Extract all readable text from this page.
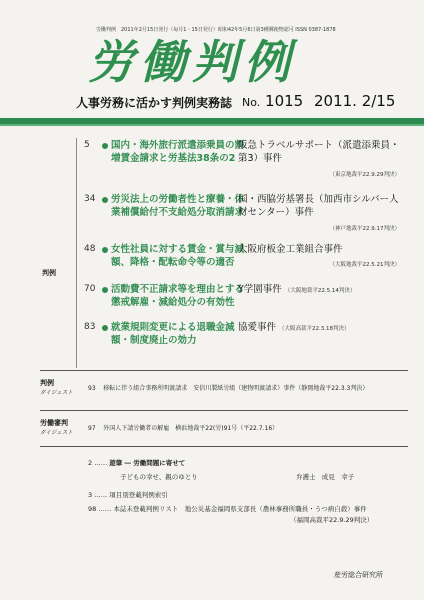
労働判例　2011年2月15日発行（毎月1・15日発行）昭和42年5月6日第3種郵便物認可 ISSN 0387-1878
労働判例
人事労務に活かす判例実務誌 No. 1015 2011. 2/15
判例
5	国内・海外旅行派遣添乗員の割増賃金請求と労基法38条の2
阪急トラベルサポート（派遣添乗員・第3）事件
（東京地裁平22.9.29判決）
34	労災法上の労働者性と療養・休業補償給付不支給処分取消請求
国・西脇労基署長（加西市シルバー人材センター）事件
（神戸地裁平22.9.17判決）
48	女性社員に対する賃金・賞与減額、降格・配転命令等の適否
大阪府板金工業組合事件
（大阪地裁平22.5.21判決）
70	活動費不正請求等を理由とする懲戒解雇・減給処分の有効性
Y学園事件 （大阪地裁平22.5.14判決）
83	就業規則変更による退職金減額・制度廃止の効力
協愛事件 （大阪高裁平22.3.18判決）
判例
ダイジェスト
93 移転に伴う組合事務所明渡請求　安信川製紙労組（建物明渡請求）事件（静岡地裁平22.3.3判決）
労働審判
ダイジェスト
97 外国人下請労働者の解雇　横浜地裁平22(労)91号（平22.7.16）
2 …… 遊筆 ― 労働問題に寄せて
子どもの幸せ、親のゆとり	弁護士 成見　幸子
3 …… 項目別登載判例索引
98 …… 本誌未登載判例リスト　地公災基金福岡県支部長（農林事務所職員・うつ病自殺）事件
（福岡高裁平22.9.29判決）
産労総合研究所
